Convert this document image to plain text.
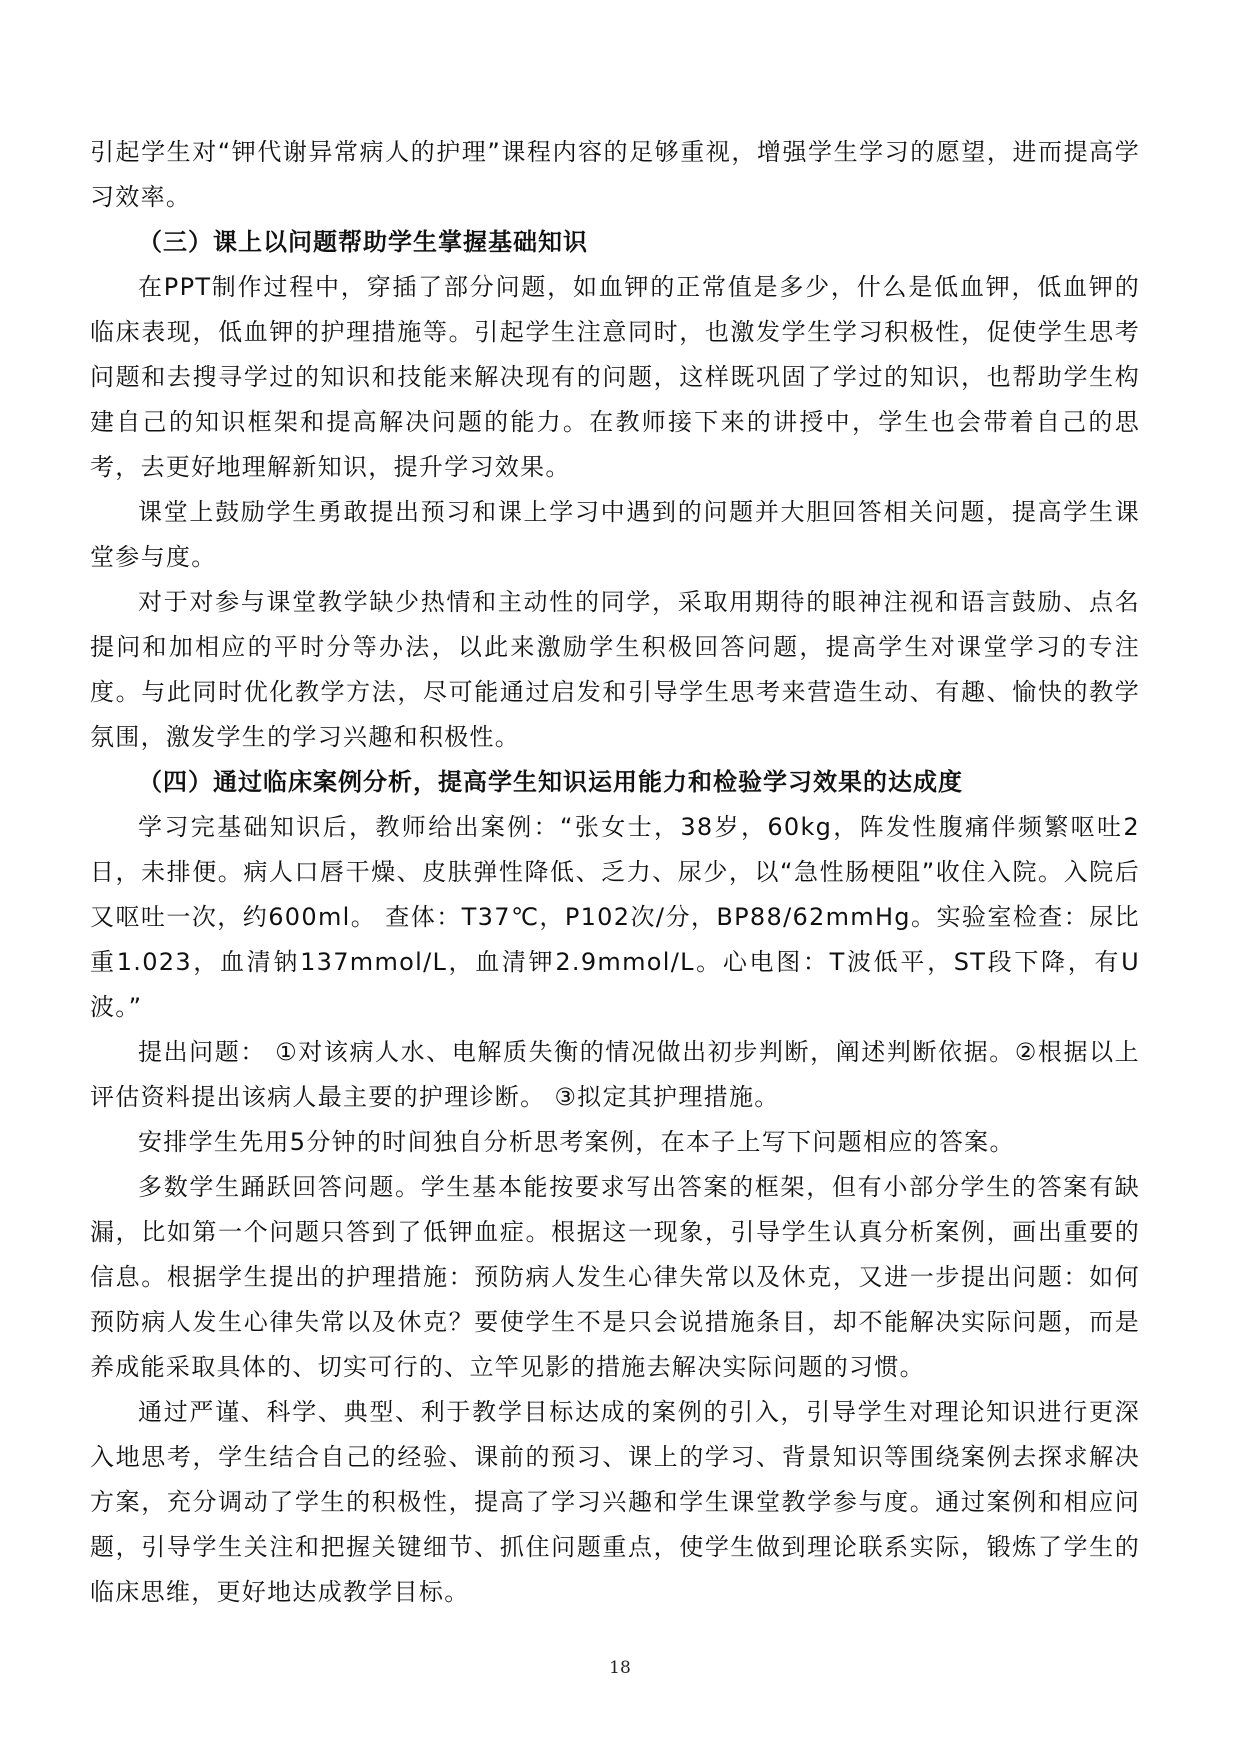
引起学生对“钾代谢异常病人的护理”课程内容的足够重视，增强学生学习的愿望，进而提高学习效率。

（三）课上以问题帮助学生掌握基础知识

在PPT制作过程中，穿插了部分问题，如血钾的正常值是多少，什么是低血钾，低血钾的临床表现，低血钾的护理措施等。引起学生注意同时，也激发学生学习积极性，促使学生思考问题和去搜寻学过的知识和技能来解决现有的问题，这样既巩固了学过的知识，也帮助学生构建自己的知识框架和提高解决问题的能力。在教师接下来的讲授中，学生也会带着自己的思考，去更好地理解新知识，提升学习效果。

课堂上鼓励学生勇敢提出预习和课上学习中遇到的问题并大胆回答相关问题，提高学生课堂参与度。

对于对参与课堂教学缺少热情和主动性的同学，采取用期待的眼神注视和语言鼓励、点名提问和加相应的平时分等办法，以此来激励学生积极回答问题，提高学生对课堂学习的专注度。与此同时优化教学方法，尽可能通过启发和引导学生思考来营造生动、有趣、愉快的教学氛围，激发学生的学习兴趣和积极性。

（四）通过临床案例分析，提高学生知识运用能力和检验学习效果的达成度

学习完基础知识后，教师给出案例：“张女士，38岁，60kg，阵发性腹痛伴频繁呕吐2日，未排便。病人口唇干燥、皮肤弹性降低、乏力、尿少，以“急性肠梗阻”收住入院。入院后又呕吐一次，约600ml。 查体：T37℃，P102次/分，BP88/62mmHg。实验室检查：尿比重1.023，血清钠137mmol/L，血清钾2.9mmol/L。心电图：T波低平，ST段下降，有U波。”

提出问题： ①对该病人水、电解质失衡的情况做出初步判断，阐述判断依据。②根据以上评估资料提出该病人最主要的护理诊断。 ③拟定其护理措施。

安排学生先用5分钟的时间独自分析思考案例，在本子上写下问题相应的答案。

多数学生踊跃回答问题。学生基本能按要求写出答案的框架，但有小部分学生的答案有缺漏，比如第一个问题只答到了低钾血症。根据这一现象，引导学生认真分析案例，画出重要的信息。根据学生提出的护理措施：预防病人发生心律失常以及休克，又进一步提出问题：如何预防病人发生心律失常以及休克？要使学生不是只会说措施条目，却不能解决实际问题，而是养成能采取具体的、切实可行的、立竿见影的措施去解决实际问题的习惯。

通过严谨、科学、典型、利于教学目标达成的案例的引入，引导学生对理论知识进行更深入地思考，学生结合自己的经验、课前的预习、课上的学习、背景知识等围绕案例去探求解决方案，充分调动了学生的积极性，提高了学习兴趣和学生课堂教学参与度。通过案例和相应问题，引导学生关注和把握关键细节、抓住问题重点，使学生做到理论联系实际，锻炼了学生的临床思维，更好地达成教学目标。

18
